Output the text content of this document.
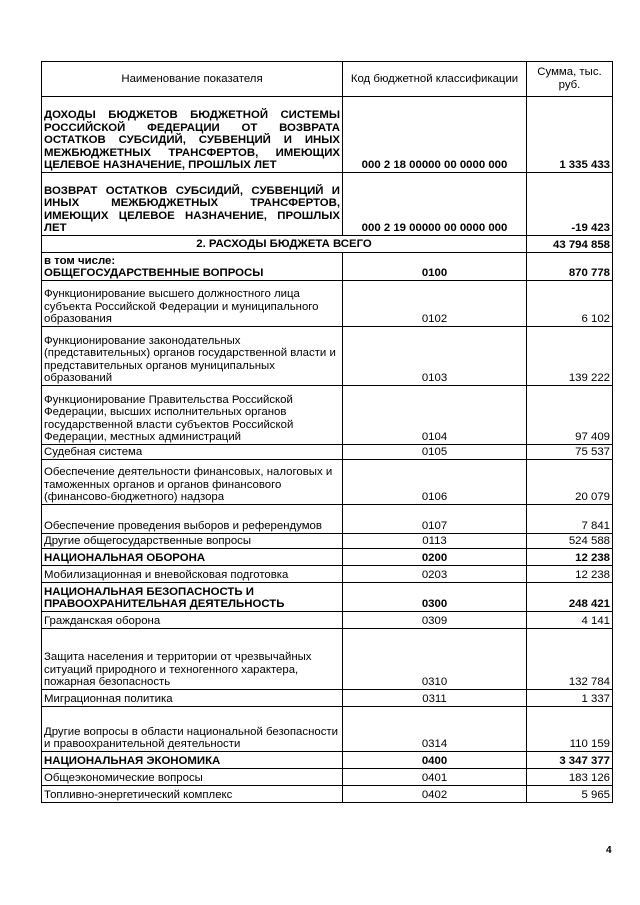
Наименование показателя	Код бюджетной классификации	Сумма, тыс. руб.
ДОХОДЫ БЮДЖЕТОВ БЮДЖЕТНОЙ СИСТЕМЫ РОССИЙСКОЙ ФЕДЕРАЦИИ ОТ ВОЗВРАТА ОСТАТКОВ СУБСИДИЙ, СУБВЕНЦИЙ И ИНЫХ МЕЖБЮДЖЕТНЫХ ТРАНСФЕРТОВ, ИМЕЮЩИХ ЦЕЛЕВОЕ НАЗНАЧЕНИЕ, ПРОШЛЫХ ЛЕТ	000 2 18 00000 00 0000 000	1 335 433
ВОЗВРАТ ОСТАТКОВ СУБСИДИЙ, СУБВЕНЦИЙ И ИНЫХ МЕЖБЮДЖЕТНЫХ ТРАНСФЕРТОВ, ИМЕЮЩИХ ЦЕЛЕВОЕ НАЗНАЧЕНИЕ, ПРОШЛЫХ ЛЕТ	000 2 19 00000 00 0000 000	-19 423
2. РАСХОДЫ БЮДЖЕТА ВСЕГО		43 794 858

в том числе:
ОБЩЕГОСУДАРСТВЕННЫЕ ВОПРОСЫ	0100	870 778
Функционирование высшего должностного лица субъекта Российской Федерации и муниципального образования	0102	6 102
Функционирование законодательных (представительных) органов государственной власти и представительных органов муниципальных образований	0103	139 222
Функционирование Правительства Российской Федерации, высших исполнительных органов государственной власти субъектов Российской Федерации, местных администраций	0104	97 409
Судебная система	0105	75 537
Обеспечение деятельности финансовых, налоговых и таможенных органов и органов финансового (финансово-бюджетного) надзора	0106	20 079
Обеспечение проведения выборов и референдумов	0107	7 841
Другие общегосударственные вопросы	0113	524 588
НАЦИОНАЛЬНАЯ ОБОРОНА	0200	12 238
Мобилизационная и вневойсковая подготовка	0203	12 238
НАЦИОНАЛЬНАЯ БЕЗОПАСНОСТЬ И ПРАВООХРАНИТЕЛЬНАЯ ДЕЯТЕЛЬНОСТЬ	0300	248 421
Гражданская оборона	0309	4 141
Защита населения и территории от чрезвычайных ситуаций природного и техногенного характера, пожарная безопасность	0310	132 784
Миграционная политика	0311	1 337
Другие вопросы в области национальной безопасности и правоохранительной деятельности	0314	110 159
НАЦИОНАЛЬНАЯ ЭКОНОМИКА	0400	3 347 377
Общеэкономические вопросы	0401	183 126
Топливно-энергетический комплекс	0402	5 965
4
